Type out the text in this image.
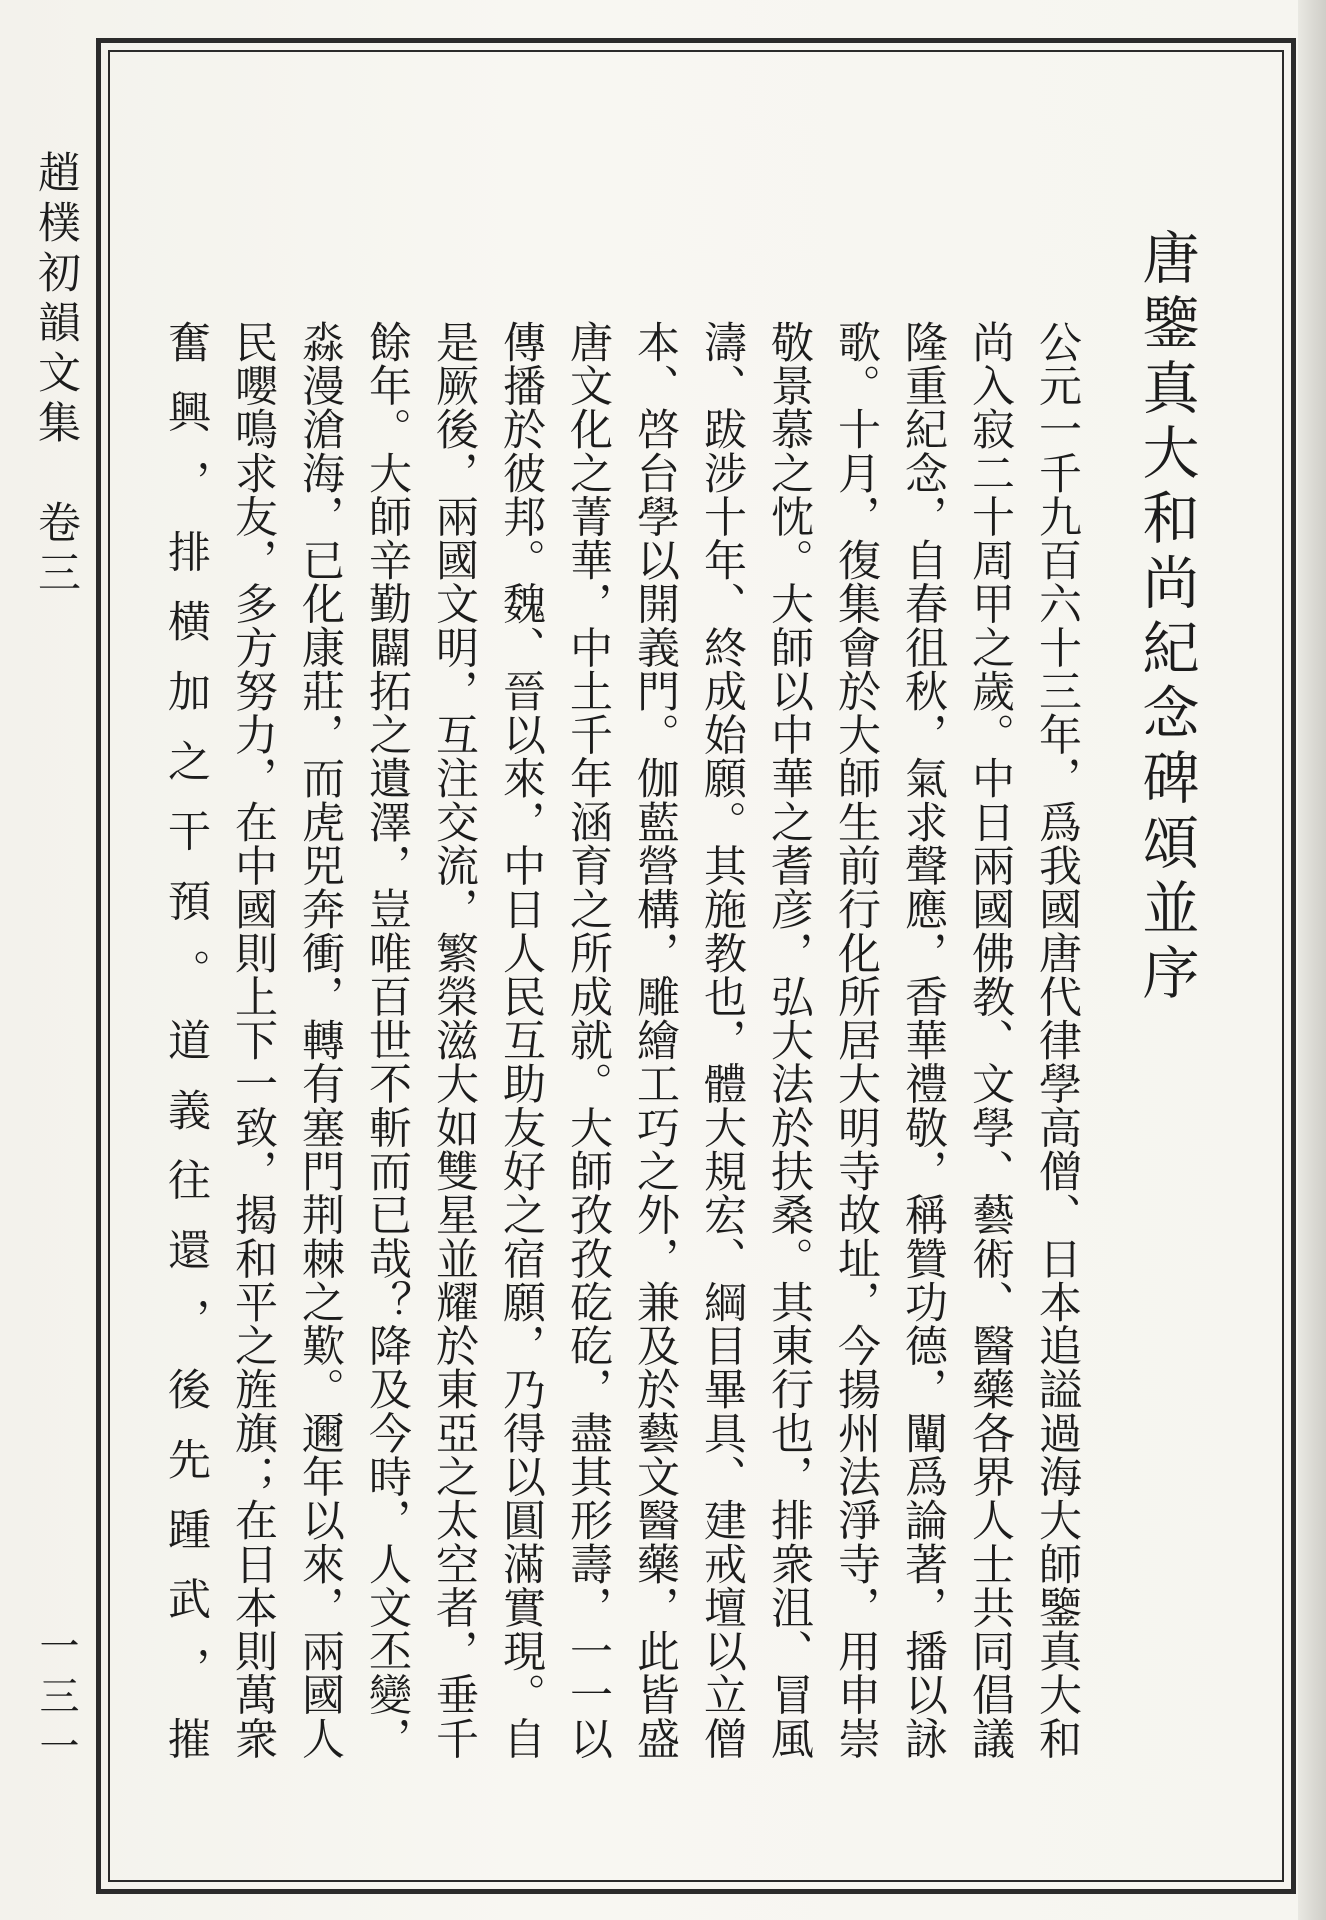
趙樸初韻文集　卷三
一三一
唐鑒真大和尚紀念碑頌並序

公元一千九百六十三年，爲我國唐代律學高僧、日本追謚過海大師鑒真大和尚入寂二十周甲之歲。中日兩國佛教、文學、藝術、醫藥各界人士共同倡議隆重紀念，自春徂秋，氣求聲應，香華禮敬，稱贊功德，闡爲論著，播以詠歌。十月，復集會於大師生前行化所居大明寺故址，今揚州法淨寺，用申崇敬景慕之忱。大師以中華之耆彦，弘大法於扶桑。其東行也，排衆沮、冒風濤、跋涉十年、終成始願。其施教也，體大規宏、綱目畢具、建戒壇以立僧本、啓台學以開義門。伽藍營構，雕繪工巧之外，兼及於藝文醫藥，此皆盛唐文化之菁華，中土千年涵育之所成就。大師孜孜矻矻，盡其形壽，一一以傳播於彼邦。魏、晉以來，中日人民互助友好之宿願，乃得以圓滿實現。自是厥後，兩國文明，互注交流，繁榮滋大如雙星並耀於東亞之太空者，垂千餘年。大師辛勤闢拓之遺澤，豈唯百世不斬而已哉？降及今時，人文丕變，淼漫滄海，已化康莊，而虎兕奔衝，轉有塞門荆棘之歎。邇年以來，兩國人民嚶鳴求友，多方努力，在中國則上下一致，揭和平之旌旗；在日本則萬衆奮興，排横加之干預。道義往還，後先踵武，摧
